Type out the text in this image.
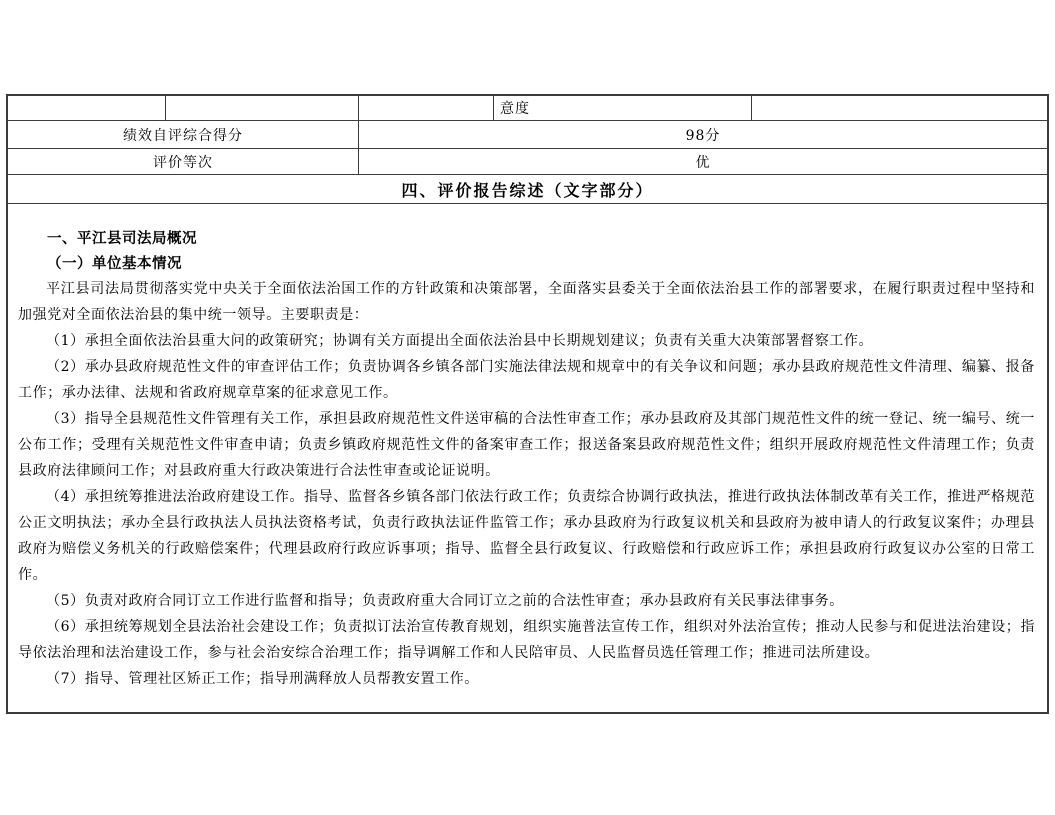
意度
绩效自评综合得分	98分
评价等次	优
四、评价报告综述（文字部分）
一、平江县司法局概况
（一）单位基本情况

平江县司法局贯彻落实党中央关于全面依法治国工作的方针政策和决策部署，全面落实县委关于全面依法治县工作的部署要求，在履行职责过程中坚持和加强党对全面依法治县的集中统一领导。主要职责是：

（1）承担全面依法治县重大问的政策研究；协调有关方面提出全面依法治县中长期规划建议；负责有关重大决策部署督察工作。

（2）承办县政府规范性文件的审查评估工作；负责协调各乡镇各部门实施法律法规和规章中的有关争议和问题；承办县政府规范性文件清理、编纂、报备工作；承办法律、法规和省政府规章草案的征求意见工作。

（3）指导全县规范性文件管理有关工作，承担县政府规范性文件送审稿的合法性审查工作；承办县政府及其部门规范性文件的统一登记、统一编号、统一公布工作；受理有关规范性文件审查申请；负责乡镇政府规范性文件的备案审查工作；报送备案县政府规范性文件；组织开展政府规范性文件清理工作；负责县政府法律顾问工作；对县政府重大行政决策进行合法性审查或论证说明。

（4）承担统筹推进法治政府建设工作。指导、监督各乡镇各部门依法行政工作；负责综合协调行政执法，推进行政执法体制改革有关工作，推进严格规范公正文明执法；承办全县行政执法人员执法资格考试，负责行政执法证件监管工作；承办县政府为行政复议机关和县政府为被申请人的行政复议案件；办理县政府为赔偿义务机关的行政赔偿案件；代理县政府行政应诉事项；指导、监督全县行政复议、行政赔偿和行政应诉工作；承担县政府行政复议办公室的日常工作。

（5）负责对政府合同订立工作进行监督和指导；负责政府重大合同订立之前的合法性审查；承办县政府有关民事法律事务。

（6）承担统筹规划全县法治社会建设工作；负责拟订法治宣传教育规划，组织实施普法宣传工作，组织对外法治宣传；推动人民参与和促进法治建设；指导依法治理和法治建设工作，参与社会治安综合治理工作；指导调解工作和人民陪审员、人民监督员选任管理工作；推进司法所建设。

（7）指导、管理社区矫正工作；指导刑满释放人员帮教安置工作。
